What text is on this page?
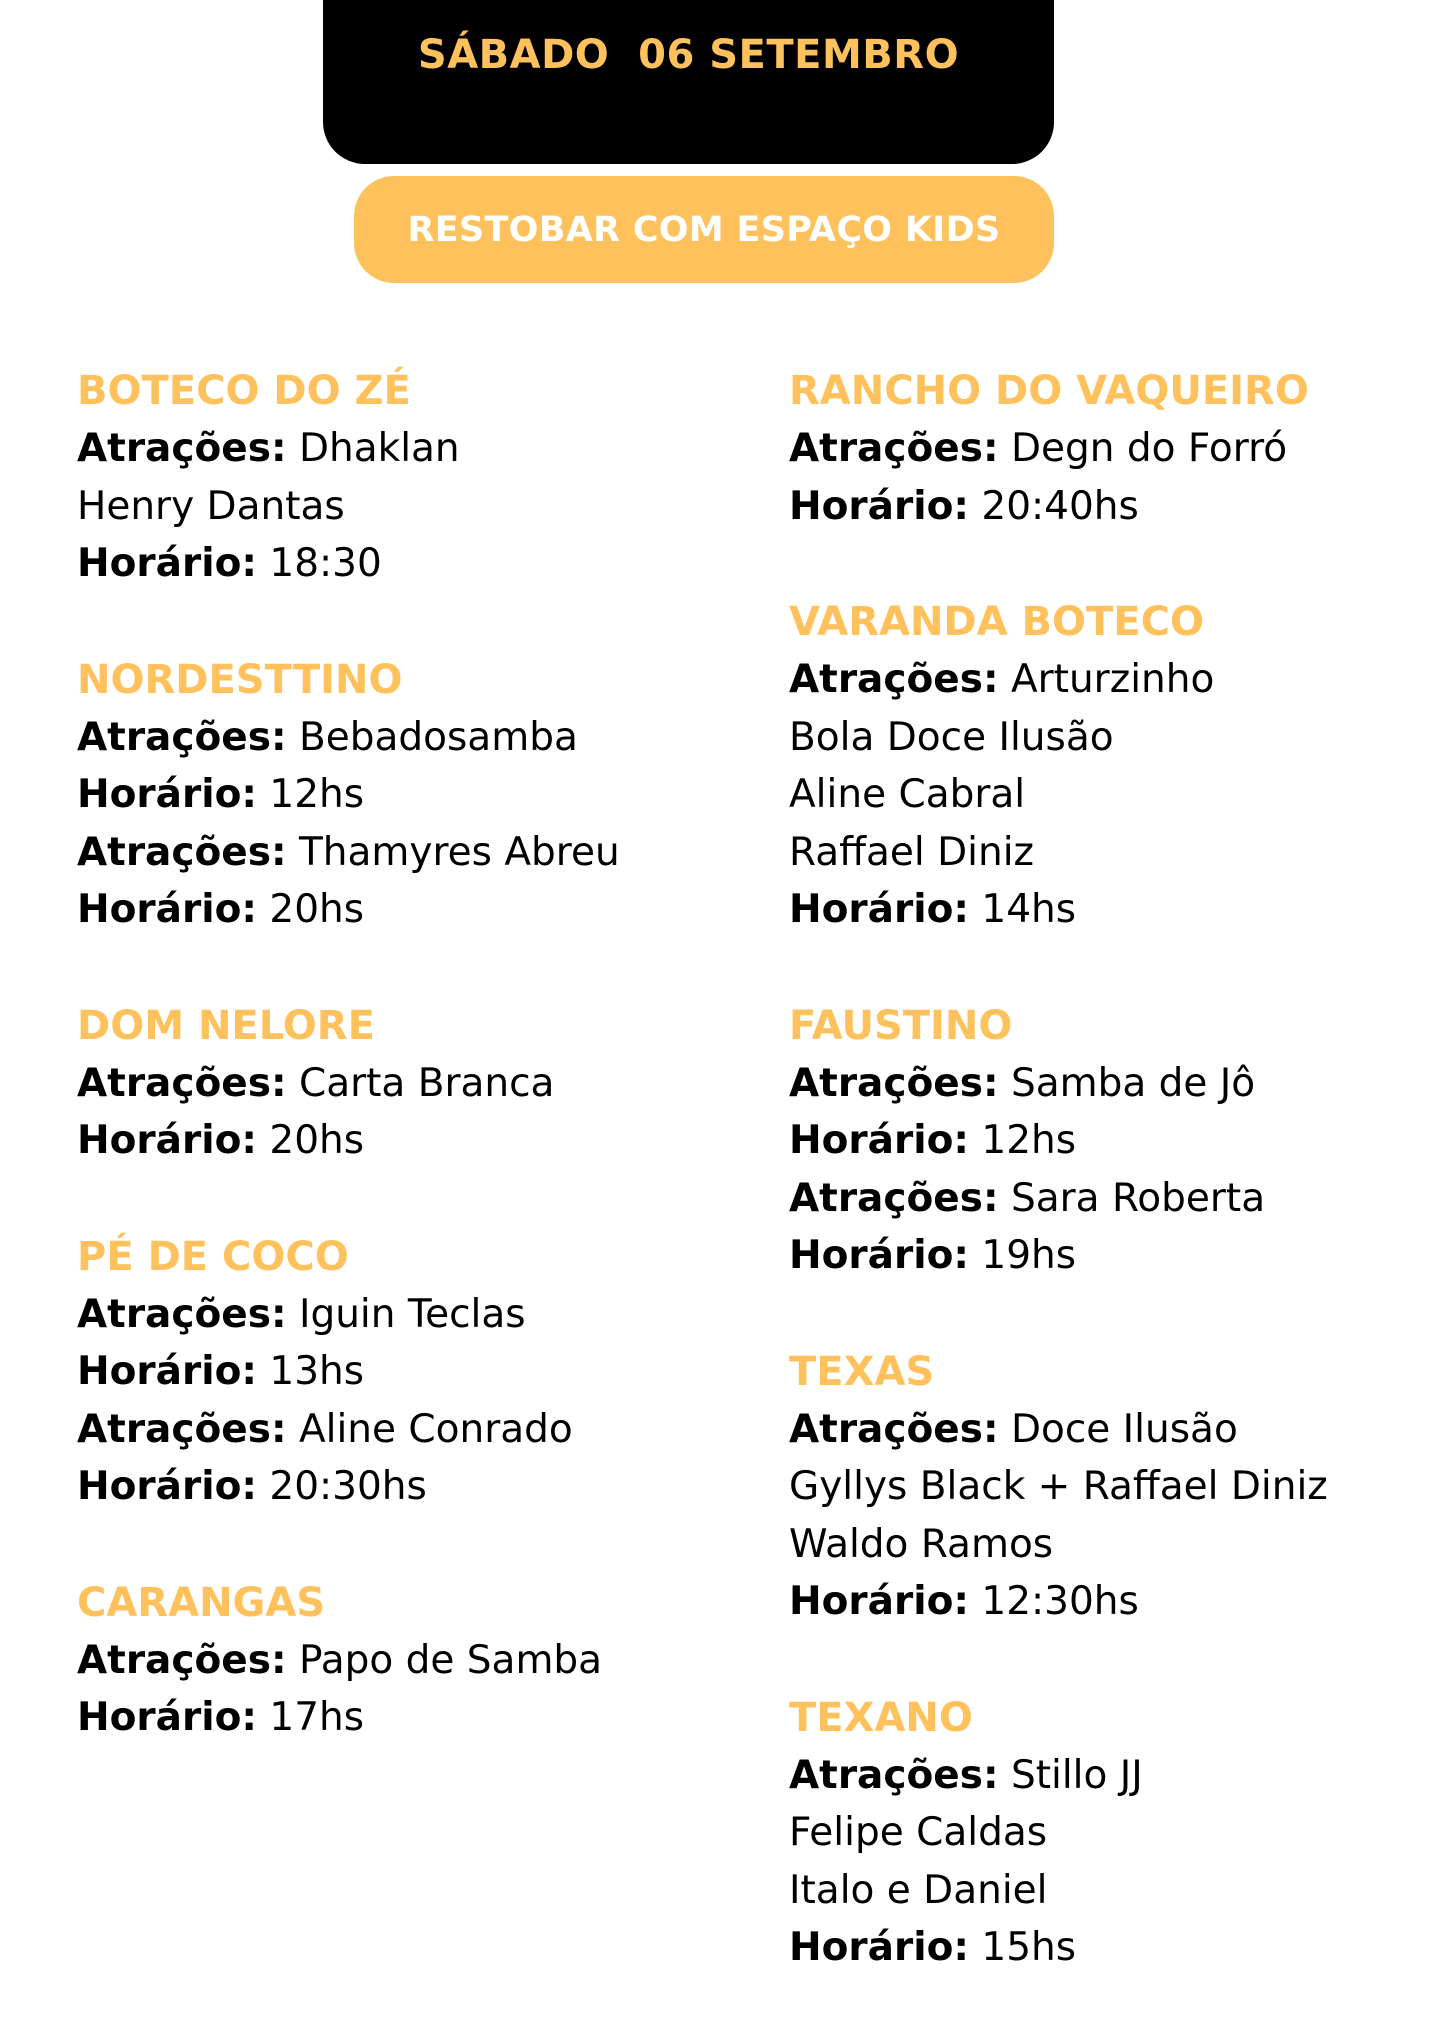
SÁBADO  06 SETEMBRO
RESTOBAR COM ESPAÇO KIDS
BOTECO DO ZÉ
Atrações: Dhaklan
Henry Dantas
Horário: 18:30
NORDESTTINO
Atrações: Bebadosamba
Horário: 12hs
Atrações: Thamyres Abreu
Horário: 20hs
DOM NELORE
Atrações: Carta Branca
Horário: 20hs
PÉ DE COCO
Atrações: Iguin Teclas
Horário: 13hs
Atrações: Aline Conrado
Horário: 20:30hs
CARANGAS
Atrações: Papo de Samba
Horário: 17hs
RANCHO DO VAQUEIRO
Atrações: Degn do Forró
Horário: 20:40hs
VARANDA BOTECO
Atrações: Arturzinho
Bola Doce Ilusão
Aline Cabral
Raffael Diniz
Horário: 14hs
FAUSTINO
Atrações: Samba de Jô
Horário: 12hs
Atrações: Sara Roberta
Horário: 19hs
TEXAS
Atrações: Doce Ilusão
Gyllys Black + Raffael Diniz
Waldo Ramos
Horário: 12:30hs
TEXANO
Atrações: Stillo JJ
Felipe Caldas
Italo e Daniel
Horário: 15hs
